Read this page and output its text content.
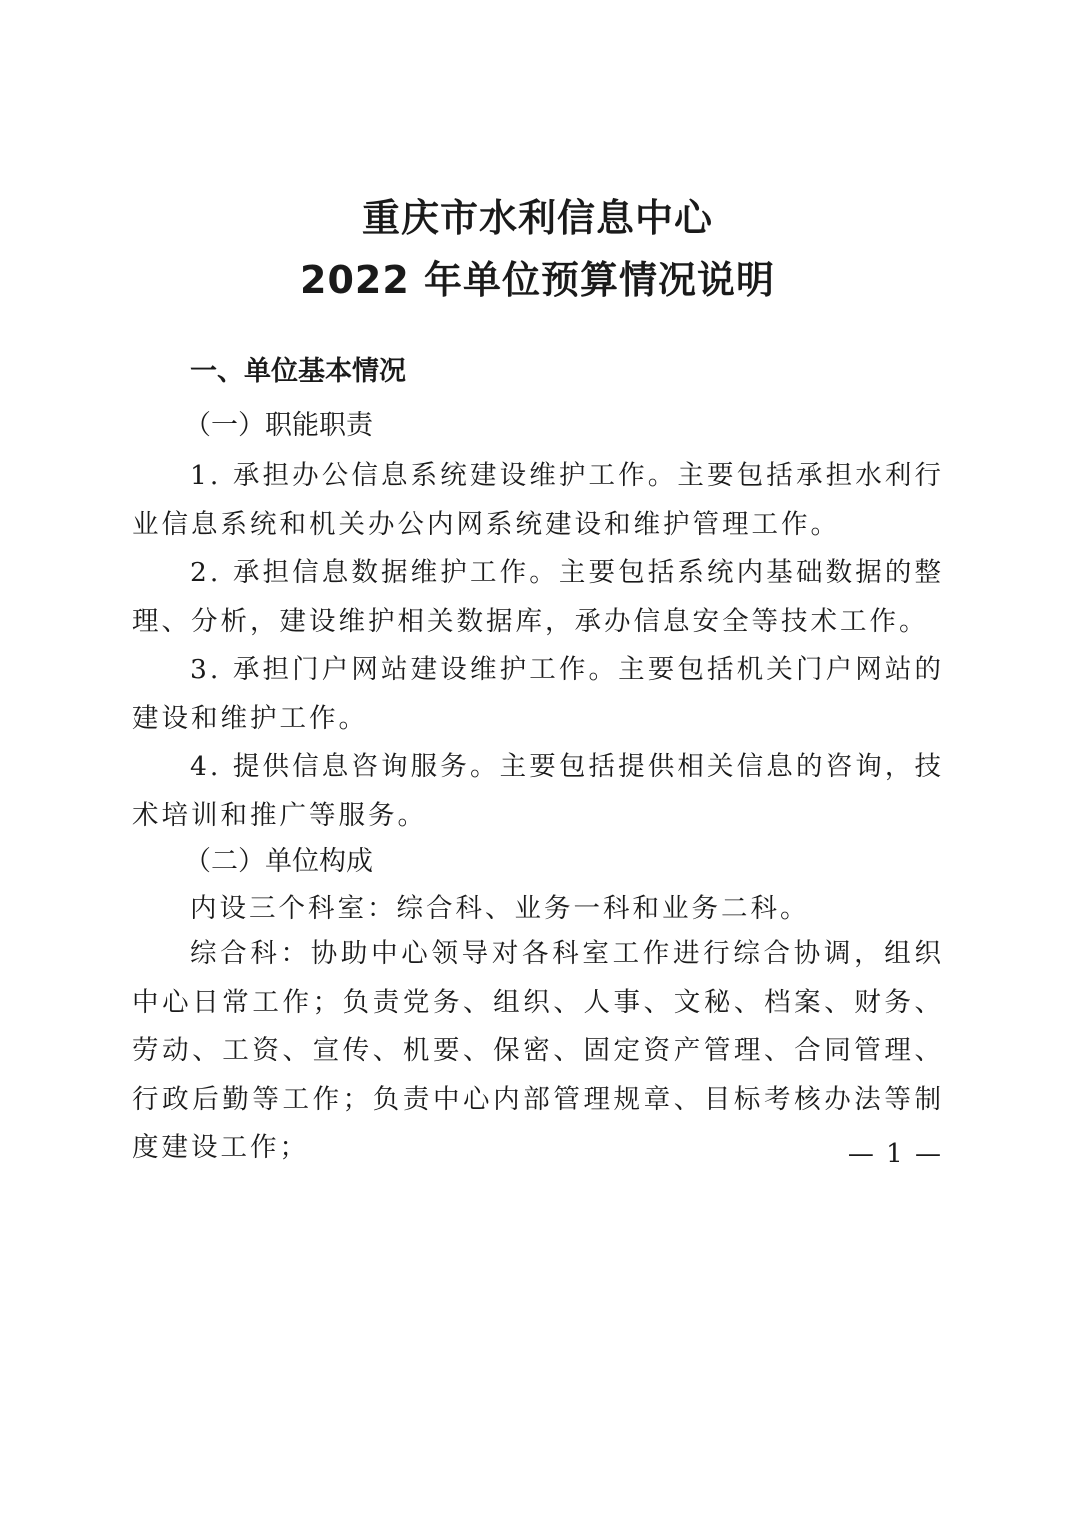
重庆市水利信息中心
2022 年单位预算情况说明
一、单位基本情况
（一）职能职责

1. 承担办公信息系统建设维护工作。主要包括承担水利行业信息系统和机关办公内网系统建设和维护管理工作。

2. 承担信息数据维护工作。主要包括系统内基础数据的整理、分析，建设维护相关数据库，承办信息安全等技术工作。

3. 承担门户网站建设维护工作。主要包括机关门户网站的建设和维护工作。

4. 提供信息咨询服务。主要包括提供相关信息的咨询，技术培训和推广等服务。

（二）单位构成

内设三个科室：综合科、业务一科和业务二科。

综合科：协助中心领导对各科室工作进行综合协调，组织中心日常工作；负责党务、组织、人事、文秘、档案、财务、劳动、工资、宣传、机要、保密、固定资产管理、合同管理、行政后勤等工作；负责中心内部管理规章、目标考核办法等制度建设工作；	— 1 —
